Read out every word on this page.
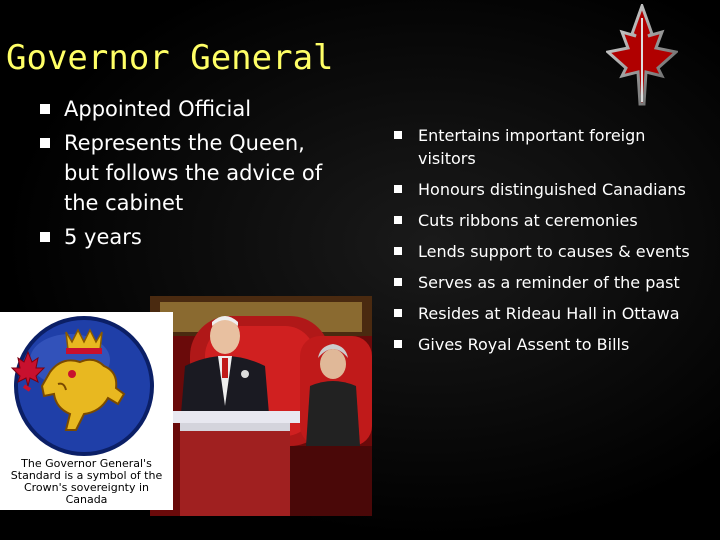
Governor General
Appointed Official
Represents the Queen, but follows the advice of the cabinet
5 years
Entertains important foreign visitors
Honours distinguished Canadians
Cuts ribbons at ceremonies
Lends support to causes & events
Serves as a reminder of the past
Resides at Rideau Hall in Ottawa
Gives Royal Assent to Bills
The Governor General's Standard is a symbol of the Crown's sovereignty in Canada
